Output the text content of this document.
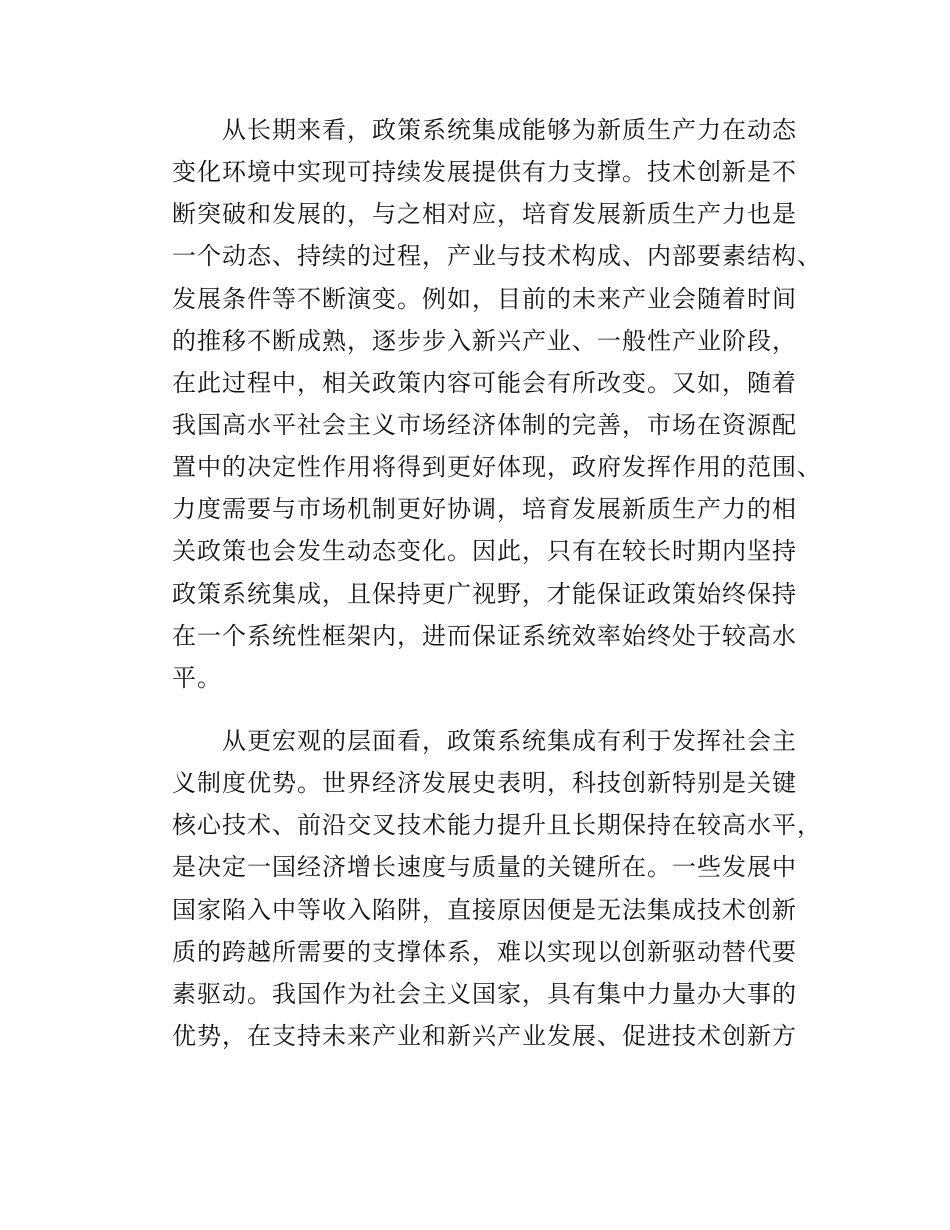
从长期来看，政策系统集成能够为新质生产力在动态
变化环境中实现可持续发展提供有力支撑。技术创新是不
断突破和发展的，与之相对应，培育发展新质生产力也是
一个动态、持续的过程，产业与技术构成、内部要素结构、
发展条件等不断演变。例如，目前的未来产业会随着时间
的推移不断成熟，逐步步入新兴产业、一般性产业阶段，
在此过程中，相关政策内容可能会有所改变。又如，随着
我国高水平社会主义市场经济体制的完善，市场在资源配
置中的决定性作用将得到更好体现，政府发挥作用的范围、
力度需要与市场机制更好协调，培育发展新质生产力的相
关政策也会发生动态变化。因此，只有在较长时期内坚持
政策系统集成，且保持更广视野，才能保证政策始终保持
在一个系统性框架内，进而保证系统效率始终处于较高水
平。
从更宏观的层面看，政策系统集成有利于发挥社会主
义制度优势。世界经济发展史表明，科技创新特别是关键
核心技术、前沿交叉技术能力提升且长期保持在较高水平，
是决定一国经济增长速度与质量的关键所在。一些发展中
国家陷入中等收入陷阱，直接原因便是无法集成技术创新
质的跨越所需要的支撑体系，难以实现以创新驱动替代要
素驱动。我国作为社会主义国家，具有集中力量办大事的
优势，在支持未来产业和新兴产业发展、促进技术创新方
